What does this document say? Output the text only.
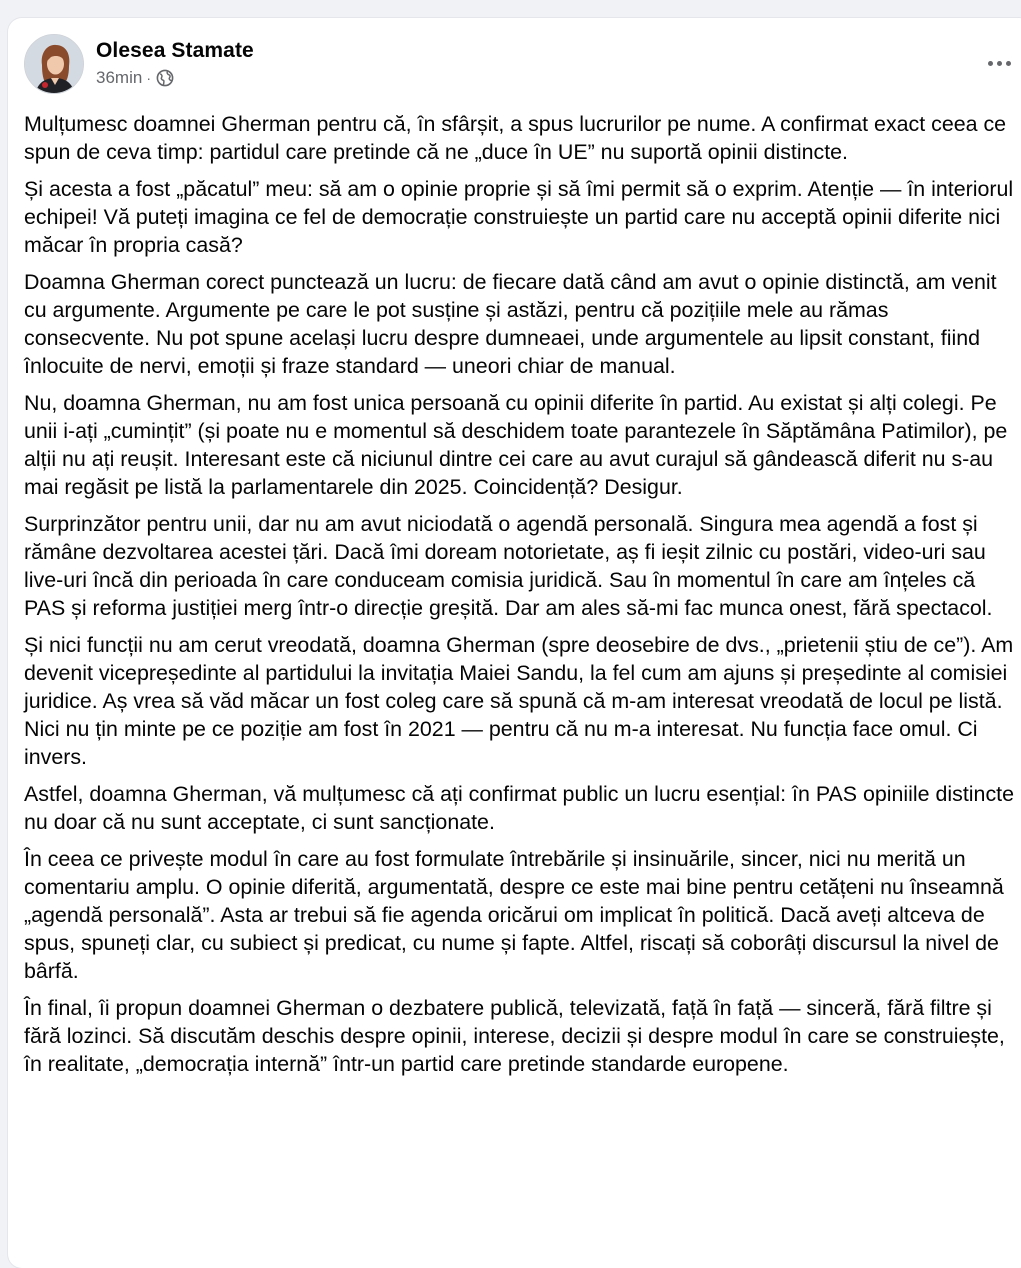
Olesea Stamate
36min ·

Mulțumesc doamnei Gherman pentru că, în sfârșit, a spus lucrurilor pe nume. A confirmat exact ceea ce spun de ceva timp: partidul care pretinde că ne „duce în UE” nu suportă opinii distincte.

Și acesta a fost „păcatul” meu: să am o opinie proprie și să îmi permit să o exprim. Atenție — în interiorul echipei! Vă puteți imagina ce fel de democrație construiește un partid care nu acceptă opinii diferite nici măcar în propria casă?

Doamna Gherman corect punctează un lucru: de fiecare dată când am avut o opinie distinctă, am venit cu argumente. Argumente pe care le pot susține și astăzi, pentru că pozițiile mele au rămas consecvente. Nu pot spune același lucru despre dumneaei, unde argumentele au lipsit constant, fiind înlocuite de nervi, emoții și fraze standard — uneori chiar de manual.

Nu, doamna Gherman, nu am fost unica persoană cu opinii diferite în partid. Au existat și alți colegi. Pe unii i-ați „cumințit” (și poate nu e momentul să deschidem toate parantezele în Săptămâna Patimilor), pe alții nu ați reușit. Interesant este că niciunul dintre cei care au avut curajul să gândească diferit nu s-au mai regăsit pe listă la parlamentarele din 2025. Coincidență? Desigur.

Surprinzător pentru unii, dar nu am avut niciodată o agendă personală. Singura mea agendă a fost și rămâne dezvoltarea acestei țări. Dacă îmi doream notorietate, aș fi ieșit zilnic cu postări, video-uri sau live-uri încă din perioada în care conduceam comisia juridică. Sau în momentul în care am înțeles că PAS și reforma justiției merg într-o direcție greșită. Dar am ales să-mi fac munca onest, fără spectacol.

Și nici funcții nu am cerut vreodată, doamna Gherman (spre deosebire de dvs., „prietenii știu de ce”). Am devenit vicepreședinte al partidului la invitația Maiei Sandu, la fel cum am ajuns și președinte al comisiei juridice. Aș vrea să văd măcar un fost coleg care să spună că m-am interesat vreodată de locul pe listă. Nici nu țin minte pe ce poziție am fost în 2021 — pentru că nu m-a interesat. Nu funcția face omul. Ci invers.

Astfel, doamna Gherman, vă mulțumesc că ați confirmat public un lucru esențial: în PAS opiniile distincte nu doar că nu sunt acceptate, ci sunt sancționate.

În ceea ce privește modul în care au fost formulate întrebările și insinuările, sincer, nici nu merită un comentariu amplu. O opinie diferită, argumentată, despre ce este mai bine pentru cetățeni nu înseamnă „agendă personală”. Asta ar trebui să fie agenda oricărui om implicat în politică. Dacă aveți altceva de spus, spuneți clar, cu subiect și predicat, cu nume și fapte. Altfel, riscați să coborâți discursul la nivel de bârfă.

În final, îi propun doamnei Gherman o dezbatere publică, televizată, față în față — sinceră, fără filtre și fără lozinci. Să discutăm deschis despre opinii, interese, decizii și despre modul în care se construiește, în realitate, „democrația internă” într-un partid care pretinde standarde europene.
